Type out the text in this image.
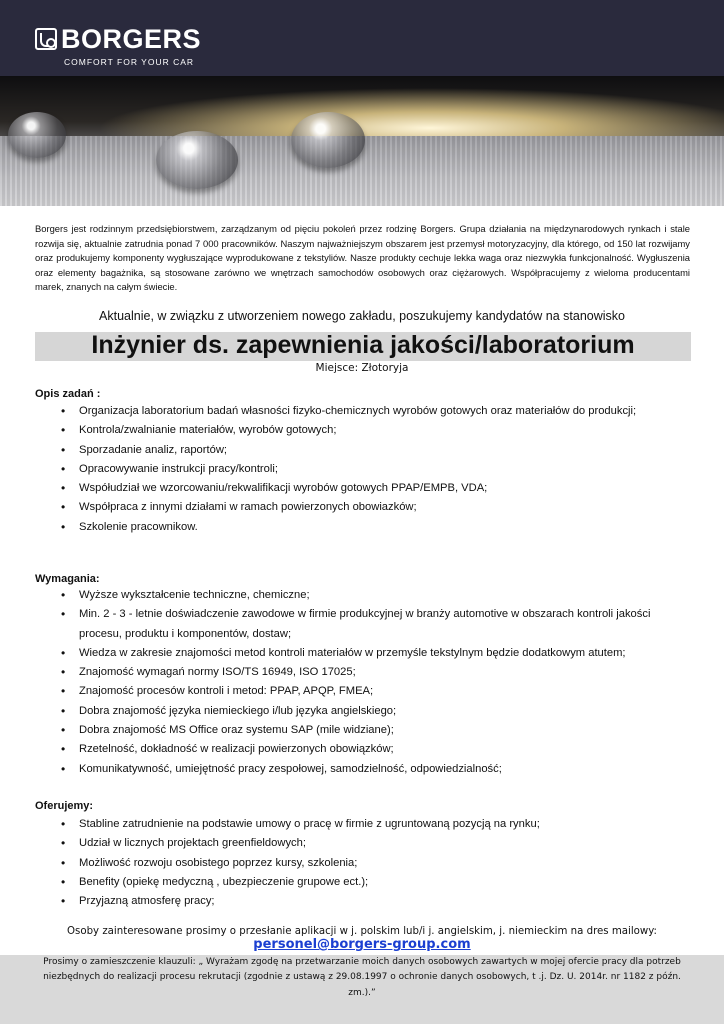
BORGERS
COMFORT FOR YOUR CAR

Borgers jest rodzinnym przedsiębiorstwem, zarządzanym od pięciu pokoleń przez rodzinę Borgers. Grupa działania na międzynarodowych rynkach i stale rozwija się, aktualnie zatrudnia ponad 7 000 pracowników. Naszym najważniejszym obszarem jest przemysł motoryzacyjny, dla którego, od 150 lat rozwijamy oraz produkujemy komponenty wygłuszające wyprodukowane z tekstyliów. Nasze produkty cechuje lekka waga oraz niezwykła funkcjonalność. Wygłuszenia oraz elementy bagażnika, są stosowane zarówno we wnętrzach samochodów osobowych oraz ciężarowych. Współpracujemy z wieloma producentami marek, znanych na całym świecie.

Aktualnie, w związku z utworzeniem nowego zakładu, poszukujemy kandydatów na stanowisko

Inżynier ds. zapewnienia jakości/laboratorium

Miejsce: Złotoryja

Opis zadań :

• Organizacja laboratorium badań własności fizyko-chemicznych wyrobów gotowych oraz materiałów do produkcji;
• Kontrola/zwalnianie materiałów, wyrobów gotowych;
• Sporzadanie analiz, raportów;
• Opracowywanie instrukcji pracy/kontroli;
• Współudział we wzorcowaniu/rekwalifikacji wyrobów gotowych PPAP/EMPB, VDA;
• Współpraca z innymi działami w ramach powierzonych obowiazków;
• Szkolenie pracownikow.

Wymagania:

• Wyższe wykształcenie techniczne, chemiczne;
• Min. 2 - 3 - letnie doświadczenie zawodowe w firmie produkcyjnej w branży automotive w obszarach kontroli jakości procesu, produktu i komponentów, dostaw;
• Wiedza w zakresie znajomości metod kontroli materiałów w przemyśle tekstylnym będzie dodatkowym atutem;
• Znajomość wymagań normy ISO/TS 16949, ISO 17025;
• Znajomość procesów kontroli i metod: PPAP, APQP, FMEA;
• Dobra znajomość języka niemieckiego i/lub języka angielskiego;
• Dobra znajomość MS Office oraz systemu SAP (mile widziane);
• Rzetelność, dokładność w realizacji powierzonych obowiązków;
• Komunikatywność, umiejętność pracy zespołowej, samodzielność, odpowiedzialność;

Oferujemy:

• Stabline zatrudnienie na podstawie umowy o pracę w firmie z ugruntowaną pozycją na rynku;
• Udział w licznych projektach greenfieldowych;
• Możliwość rozwoju osobistego poprzez kursy, szkolenia;
• Benefity (opiekę medyczną , ubezpieczenie grupowe ect.);
• Przyjazną atmosferę pracy;

Osoby zainteresowane prosimy o przesłanie aplikacji w j. polskim lub/i j. angielskim, j. niemieckim na dres mailowy:

personel@borgers-group.com

Prosimy o zamieszczenie klauzuli: „ Wyrażam zgodę na przetwarzanie moich danych osobowych zawartych w mojej ofercie pracy dla potrzeb niezbędnych do realizacji procesu rekrutacji (zgodnie z ustawą z 29.08.1997 o ochronie danych osobowych, t .j. Dz. U. 2014r. nr 1182 z późn. zm.).”
